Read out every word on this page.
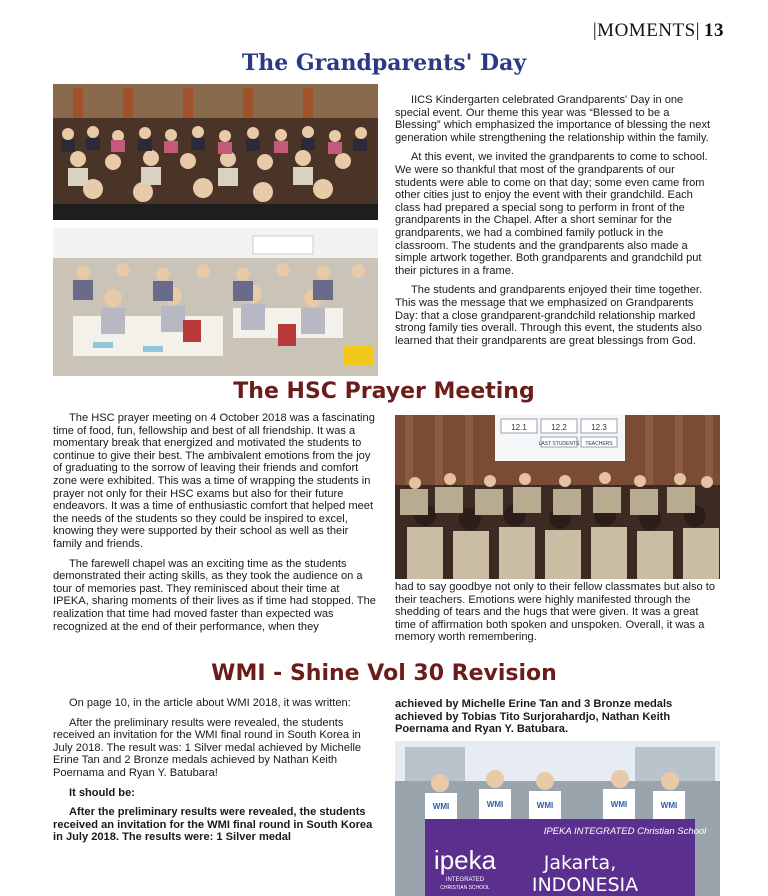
|MOMENTS| 13
The Grandparents' Day

IICS Kindergarten celebrated Grandparents' Day in one special event. Our theme this year was “Blessed to be a Blessing” which emphasized the importance of blessing the next generation while strengthening the relationship within the family.

At this event, we invited the grandparents to come to school. We were so thankful that most of the grandparents of our students were able to come on that day; some even came from other cities just to enjoy the event with their grandchild. Each class had prepared a special song to perform in front of the grandparents in the Chapel. After a short seminar for the grandparents, we had a combined family potluck in the classroom. The students and the grandparents also made a simple artwork together. Both grandparents and grandchild put their pictures in a frame.

The students and grandparents enjoyed their time together. This was the message that we emphasized on Grandparents Day: that a close grandparent-grandchild relationship marked strong family ties overall. Through this event, the students also learned that their grandparents are great blessings from God.

The HSC Prayer Meeting

The HSC prayer meeting on 4 October 2018 was a fascinating time of food, fun, fellowship and best of all friendship. It was a momentary break that energized and motivated the students to continue to give their best. The ambivalent emotions from the joy of graduating to the sorrow of leaving their friends and comfort zone were exhibited. This was a time of wrapping the students in prayer not only for their HSC exams but also for their future endeavors. It was a time of enthusiastic comfort that helped meet the needs of the students so they could be inspired to excel, knowing they were supported by their school as well as their family and friends.

The farewell chapel was an exciting time as the students demonstrated their acting skills, as they took the audience on a tour of memories past. They reminisced about their time at IPEKA, sharing moments of their lives as if time had stopped. The realization that time had moved faster than expected was recognized at the end of their performance, when they

12.1	12.2	12.3
LAST STUDENTS TEACHERS

had to say goodbye not only to their fellow classmates but also to their teachers. Emotions were highly manifested through the shedding of tears and the hugs that were given. It was a great time of affirmation both spoken and unspoken. Overall, it was a memory worth remembering.

WMI - Shine Vol 30 Revision

On page 10, in the article about WMI 2018, it was written:

After the preliminary results were revealed, the students received an invitation for the WMI final round in South Korea in July 2018. The result was: 1 Silver medal achieved by Michelle Erine Tan and 2 Bronze medals achieved by Nathan Keith Poernama and Ryan Y. Batubara!

It should be:

After the preliminary results were revealed, the students received an invitation for the WMI final round in South Korea in July 2018. The results were: 1 Silver medal

achieved by Michelle Erine Tan and 3 Bronze medals achieved by Tobias Tito Surjorahardjo, Nathan Keith Poernama and Ryan Y. Batubara.

WMI	WMI	WMI	WMI	WMI
IPEKA INTEGRATED Christian School
ipeka
INTEGRATED
CHRISTIAN SCHOOL
Jakarta,
INDONESIA
